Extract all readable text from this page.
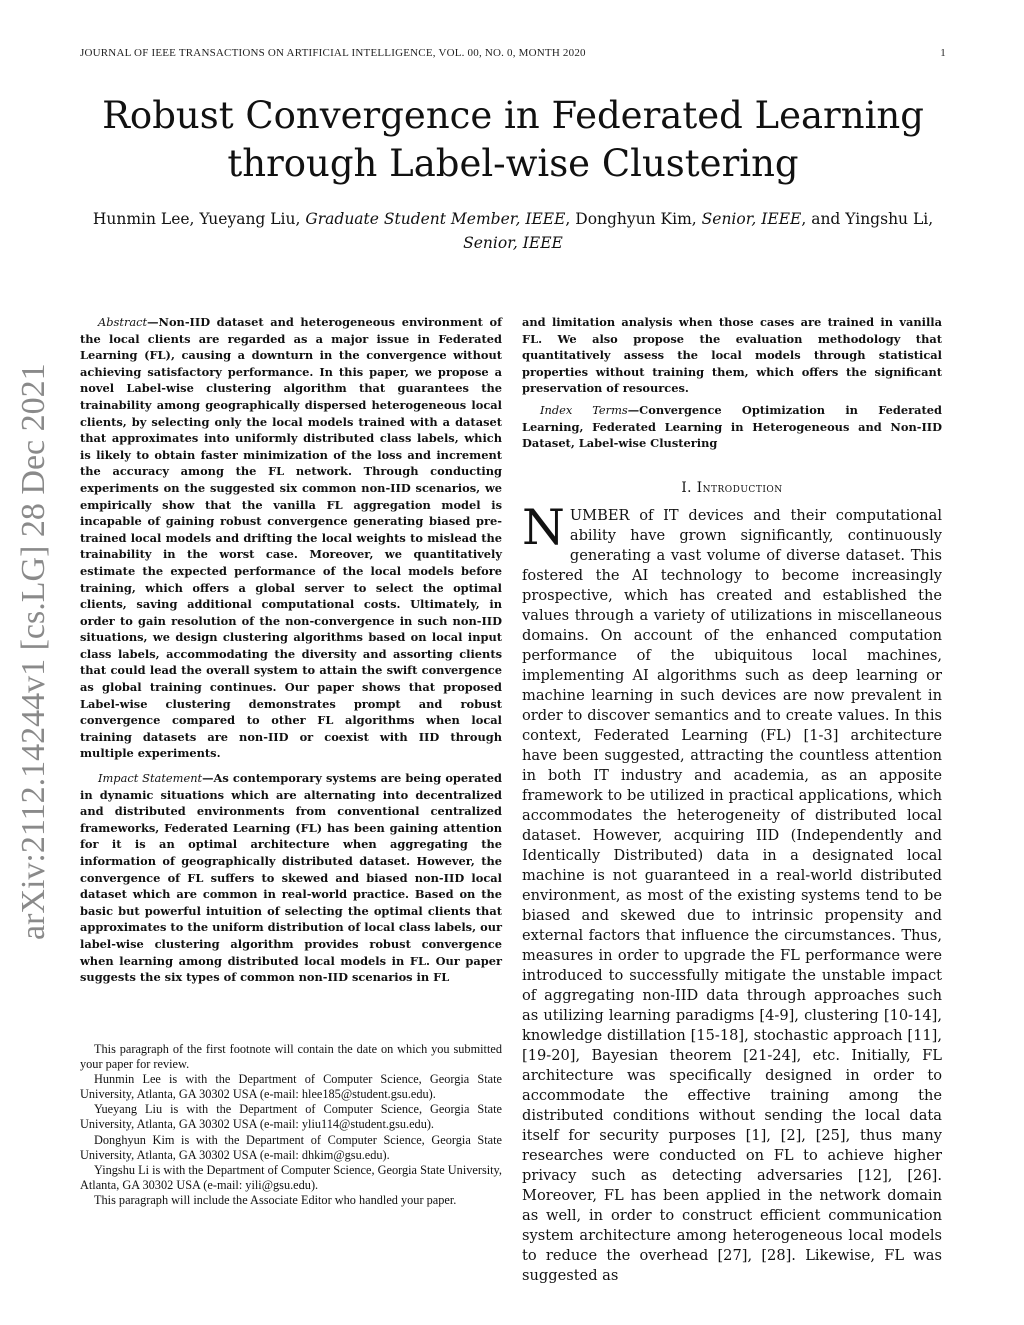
JOURNAL OF IEEE TRANSACTIONS ON ARTIFICIAL INTELLIGENCE, VOL. 00, NO. 0, MONTH 2020	1
arXiv:2112.14244v1 [cs.LG] 28 Dec 2021
Robust Convergence in Federated Learning
through Label-wise Clustering
Hunmin Lee, Yueyang Liu, Graduate Student Member, IEEE, Donghyun Kim, Senior, IEEE, and Yingshu Li, Senior, IEEE

Abstract—Non-IID dataset and heterogeneous environment of the local clients are regarded as a major issue in Federated Learning (FL), causing a downturn in the convergence without achieving satisfactory performance. In this paper, we propose a novel Label-wise clustering algorithm that guarantees the trainability among geographically dispersed heterogeneous local clients, by selecting only the local models trained with a dataset that approximates into uniformly distributed class labels, which is likely to obtain faster minimization of the loss and increment the accuracy among the FL network. Through conducting experiments on the suggested six common non-IID scenarios, we empirically show that the vanilla FL aggregation model is incapable of gaining robust convergence generating biased pre-trained local models and drifting the local weights to mislead the trainability in the worst case. Moreover, we quantitatively estimate the expected performance of the local models before training, which offers a global server to select the optimal clients, saving additional computational costs. Ultimately, in order to gain resolution of the non-convergence in such non-IID situations, we design clustering algorithms based on local input class labels, accommodating the diversity and assorting clients that could lead the overall system to attain the swift convergence as global training continues. Our paper shows that proposed Label-wise clustering demonstrates prompt and robust convergence compared to other FL algorithms when local training datasets are non-IID or coexist with IID through multiple experiments.

Impact Statement—As contemporary systems are being operated in dynamic situations which are alternating into decentralized and distributed environments from conventional centralized frameworks, Federated Learning (FL) has been gaining attention for it is an optimal architecture when aggregating the information of geographically distributed dataset. However, the convergence of FL suffers to skewed and biased non-IID local dataset which are common in real-world practice. Based on the basic but powerful intuition of selecting the optimal clients that approximates to the uniform distribution of local class labels, our label-wise clustering algorithm provides robust convergence when learning among distributed local models in FL. Our paper suggests the six types of common non-IID scenarios in FL

This paragraph of the first footnote will contain the date on which you submitted your paper for review.

Hunmin Lee is with the Department of Computer Science, Georgia State University, Atlanta, GA 30302 USA (e-mail: hlee185@student.gsu.edu).

Yueyang Liu is with the Department of Computer Science, Georgia State University, Atlanta, GA 30302 USA (e-mail: yliu114@student.gsu.edu).

Donghyun Kim is with the Department of Computer Science, Georgia State University, Atlanta, GA 30302 USA (e-mail: dhkim@gsu.edu).

Yingshu Li is with the Department of Computer Science, Georgia State University, Atlanta, GA 30302 USA (e-mail: yili@gsu.edu).

This paragraph will include the Associate Editor who handled your paper.

and limitation analysis when those cases are trained in vanilla FL. We also propose the evaluation methodology that quantitatively assess the local models through statistical properties without training them, which offers the significant preservation of resources.

Index Terms—Convergence Optimization in Federated Learning, Federated Learning in Heterogeneous and Non-IID Dataset, Label-wise Clustering

I. Introduction

NUMBER of IT devices and their computational ability have grown significantly, continuously generating a vast volume of diverse dataset. This fostered the AI technology to become increasingly prospective, which has created and established the values through a variety of utilizations in miscellaneous domains. On account of the enhanced computation performance of the ubiquitous local machines, implementing AI algorithms such as deep learning or machine learning in such devices are now prevalent in order to discover semantics and to create values. In this context, Federated Learning (FL) [1-3] architecture have been suggested, attracting the countless attention in both IT industry and academia, as an apposite framework to be utilized in practical applications, which accommodates the heterogeneity of distributed local dataset. However, acquiring IID (Independently and Identically Distributed) data in a designated local machine is not guaranteed in a real-world distributed environment, as most of the existing systems tend to be biased and skewed due to intrinsic propensity and external factors that influence the circumstances. Thus, measures in order to upgrade the FL performance were introduced to successfully mitigate the unstable impact of aggregating non-IID data through approaches such as utilizing learning paradigms [4-9], clustering [10-14], knowledge distillation [15-18], stochastic approach [11], [19-20], Bayesian theorem [21-24], etc. Initially, FL architecture was specifically designed in order to accommodate the effective training among the distributed conditions without sending the local data itself for security purposes [1], [2], [25], thus many researches were conducted on FL to achieve higher privacy such as detecting adversaries [12], [26]. Moreover, FL has been applied in the network domain as well, in order to construct efficient communication system architecture among heterogeneous local models to reduce the overhead [27], [28]. Likewise, FL was suggested as
